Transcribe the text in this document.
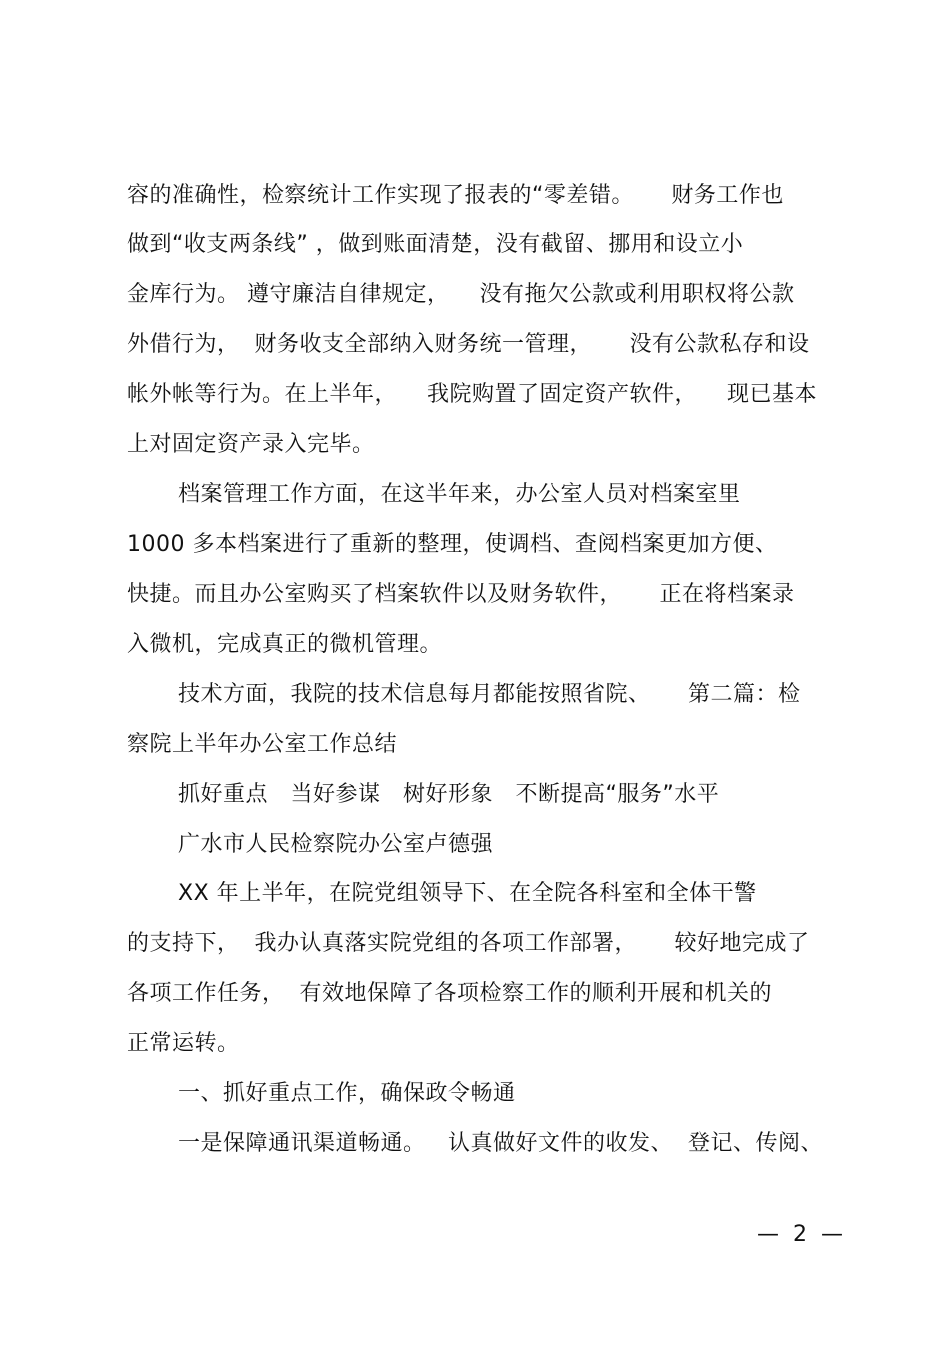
容的准确性，检察统计工作实现了报表的“零差错。     财务工作也
做到“收支两条线” ，做到账面清楚，没有截留、挪用和设立小
金库行为。 遵守廉洁自律规定，    没有拖欠公款或利用职权将公款
外借行为，  财务收支全部纳入财务统一管理，     没有公款私存和设
帐外帐等行为。在上半年，    我院购置了固定资产软件，    现已基本
上对固定资产录入完毕。
档案管理工作方面，在这半年来，办公室人员对档案室里
1000 多本档案进行了重新的整理，使调档、查阅档案更加方便、
快捷。而且办公室购买了档案软件以及财务软件，     正在将档案录
入微机，完成真正的微机管理。
技术方面，我院的技术信息每月都能按照省院、     第二篇：检
察院上半年办公室工作总结
抓好重点   当好参谋   树好形象   不断提高“服务”水平
广水市人民检察院办公室卢德强
XX 年上半年，在院党组领导下、在全院各科室和全体干警
的支持下，  我办认真落实院党组的各项工作部署，     较好地完成了
各项工作任务，  有效地保障了各项检察工作的顺利开展和机关的
正常运转。
一、抓好重点工作，确保政令畅通
一是保障通讯渠道畅通。   认真做好文件的收发、  登记、传阅、
—  2  —
